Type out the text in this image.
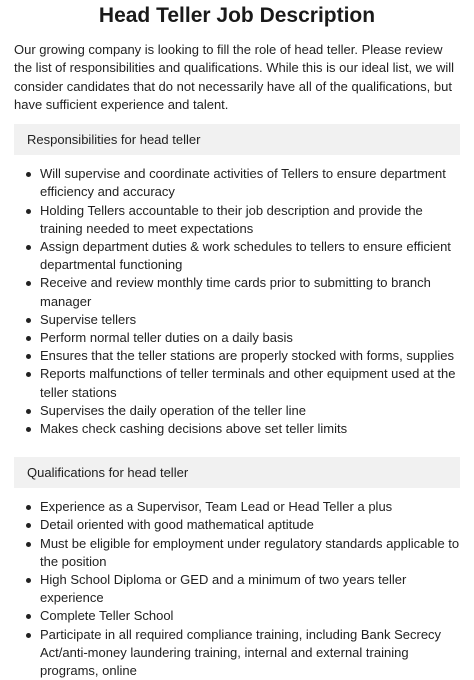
Head Teller Job Description

Our growing company is looking to fill the role of head teller. Please review the list of responsibilities and qualifications. While this is our ideal list, we will consider candidates that do not necessarily have all of the qualifications, but have sufficient experience and talent.

Responsibilities for head teller
Will supervise and coordinate activities of Tellers to ensure department efficiency and accuracy
Holding Tellers accountable to their job description and provide the training needed to meet expectations
Assign department duties & work schedules to tellers to ensure efficient departmental functioning
Receive and review monthly time cards prior to submitting to branch manager
Supervise tellers
Perform normal teller duties on a daily basis
Ensures that the teller stations are properly stocked with forms, supplies
Reports malfunctions of teller terminals and other equipment used at the teller stations
Supervises the daily operation of the teller line
Makes check cashing decisions above set teller limits
Qualifications for head teller
Experience as a Supervisor, Team Lead or Head Teller a plus
Detail oriented with good mathematical aptitude
Must be eligible for employment under regulatory standards applicable to the position
High School Diploma or GED and a minimum of two years teller experience
Complete Teller School
Participate in all required compliance training, including Bank Secrecy Act/anti-money laundering training, internal and external training programs, online
